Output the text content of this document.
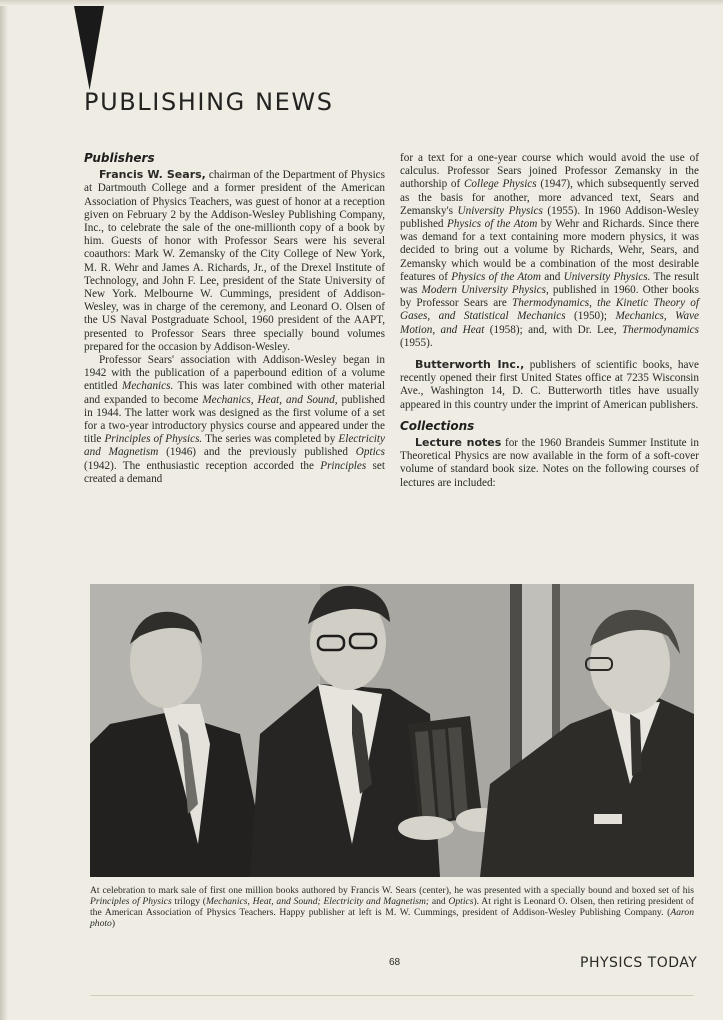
PUBLISHING NEWS
Publishers

Francis W. Sears, chairman of the Department of Physics at Dartmouth College and a former president of the American Association of Physics Teachers, was guest of honor at a reception given on February 2 by the Addison-Wesley Publishing Company, Inc., to celebrate the sale of the one-millionth copy of a book by him. Guests of honor with Professor Sears were his several coauthors: Mark W. Zemansky of the City College of New York, M. R. Wehr and James A. Richards, Jr., of the Drexel Institute of Technology, and John F. Lee, president of the State University of New York. Melbourne W. Cummings, president of Addison-Wesley, was in charge of the ceremony, and Leonard O. Olsen of the US Naval Postgraduate School, 1960 president of the AAPT, presented to Professor Sears three specially bound volumes prepared for the occasion by Addison-Wesley.

Professor Sears' association with Addison-Wesley began in 1942 with the publication of a paperbound edition of a volume entitled Mechanics. This was later combined with other material and expanded to become Mechanics, Heat, and Sound, published in 1944. The latter work was designed as the first volume of a set for a two-year introductory physics course and appeared under the title Principles of Physics. The series was completed by Electricity and Magnetism (1946) and the previously published Optics (1942). The enthusiastic reception accorded the Principles set created a demand

for a text for a one-year course which would avoid the use of calculus. Professor Sears joined Professor Zemansky in the authorship of College Physics (1947), which subsequently served as the basis for another, more advanced text, Sears and Zemansky's University Physics (1955). In 1960 Addison-Wesley published Physics of the Atom by Wehr and Richards. Since there was demand for a text containing more modern physics, it was decided to bring out a volume by Richards, Wehr, Sears, and Zemansky which would be a combination of the most desirable features of Physics of the Atom and University Physics. The result was Modern University Physics, published in 1960. Other books by Professor Sears are Thermodynamics, the Kinetic Theory of Gases, and Statistical Mechanics (1950); Mechanics, Wave Motion, and Heat (1958); and, with Dr. Lee, Thermodynamics (1955).

Butterworth Inc., publishers of scientific books, have recently opened their first United States office at 7235 Wisconsin Ave., Washington 14, D. C. Butterworth titles have usually appeared in this country under the imprint of American publishers.

Collections

Lecture notes for the 1960 Brandeis Summer Institute in Theoretical Physics are now available in the form of a soft-cover volume of standard book size. Notes on the following courses of lectures are included:

At celebration to mark sale of first one million books authored by Francis W. Sears (center), he was presented with a specially bound and boxed set of his Principles of Physics trilogy (Mechanics, Heat, and Sound; Electricity and Magnetism; and Optics). At right is Leonard O. Olsen, then retiring president of the American Association of Physics Teachers. Happy publisher at left is M. W. Cummings, president of Addison-Wesley Publishing Company. (Aaron photo)

68	PHYSICS TODAY
